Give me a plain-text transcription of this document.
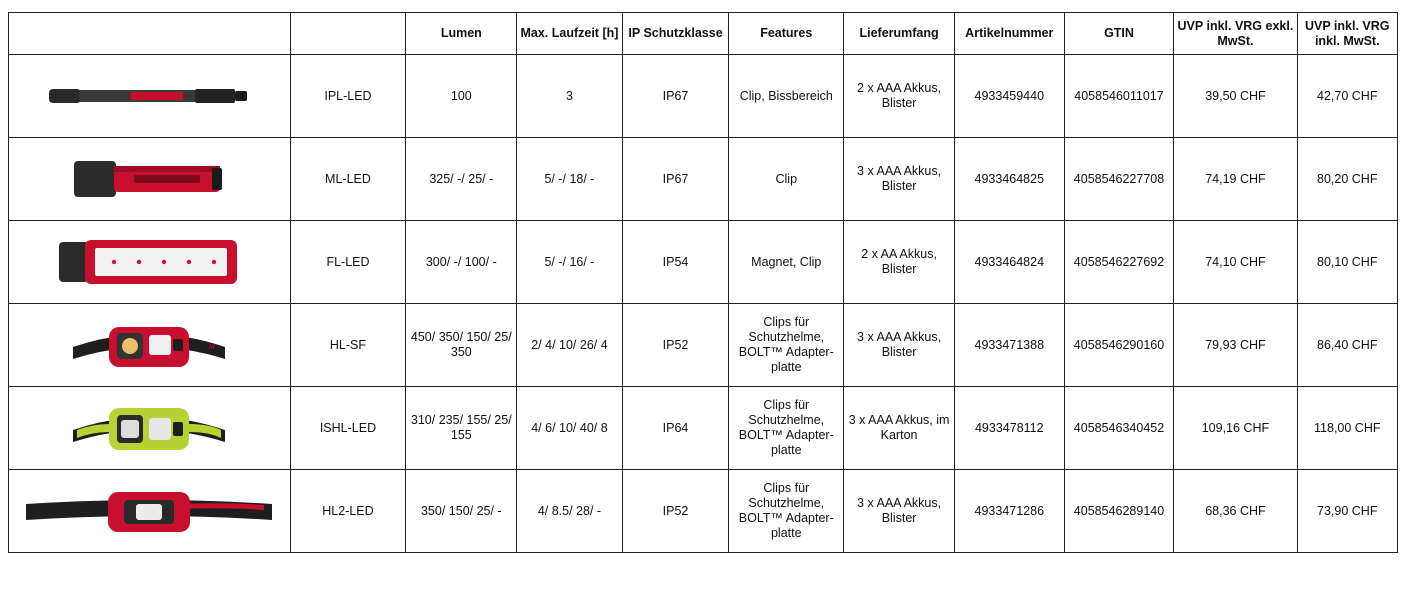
		Lumen	Max. Laufzeit [h]	IP Schutzklasse	Features	Lieferumfang	Artikelnummer	GTIN	UVP inkl. VRG exkl. MwSt.	UVP inkl. VRG inkl. MwSt.

	IPL-LED	100	3	IP67	Clip, Bissbereich	2 x AAA Akkus, Blister	4933459440	4058546011017	39,50 CHF	42,70 CHF

	ML-LED	325/ -/ 25/ -	5/ -/ 18/ -	IP67	Clip	3 x AAA Akkus, Blister	4933464825	4058546227708	74,19 CHF	80,20 CHF

	FL-LED	300/ -/ 100/ -	5/ -/ 16/ -	IP54	Magnet, Clip	2 x AA Akkus, Blister	4933464824	4058546227692	74,10 CHF	80,10 CHF

M	HL-SF	450/ 350/ 150/ 25/ 350	2/ 4/ 10/ 26/ 4	IP52	Clips für Schutzhelme, BOLT™ Adapter-platte	3 x AAA Akkus, Blister	4933471388	4058546290160	79,93 CHF	86,40 CHF

	ISHL-LED	310/ 235/ 155/ 25/ 155	4/ 6/ 10/ 40/ 8	IP64	Clips für Schutzhelme, BOLT™ Adapter-platte	3 x AAA Akkus, im Karton	4933478112	4058546340452	109,16 CHF	118,00 CHF

	HL2-LED	350/ 150/ 25/ -	4/ 8.5/ 28/ -	IP52	Clips für Schutzhelme, BOLT™ Adapter-platte	3 x AAA Akkus, Blister	4933471286	4058546289140	68,36 CHF	73,90 CHF
